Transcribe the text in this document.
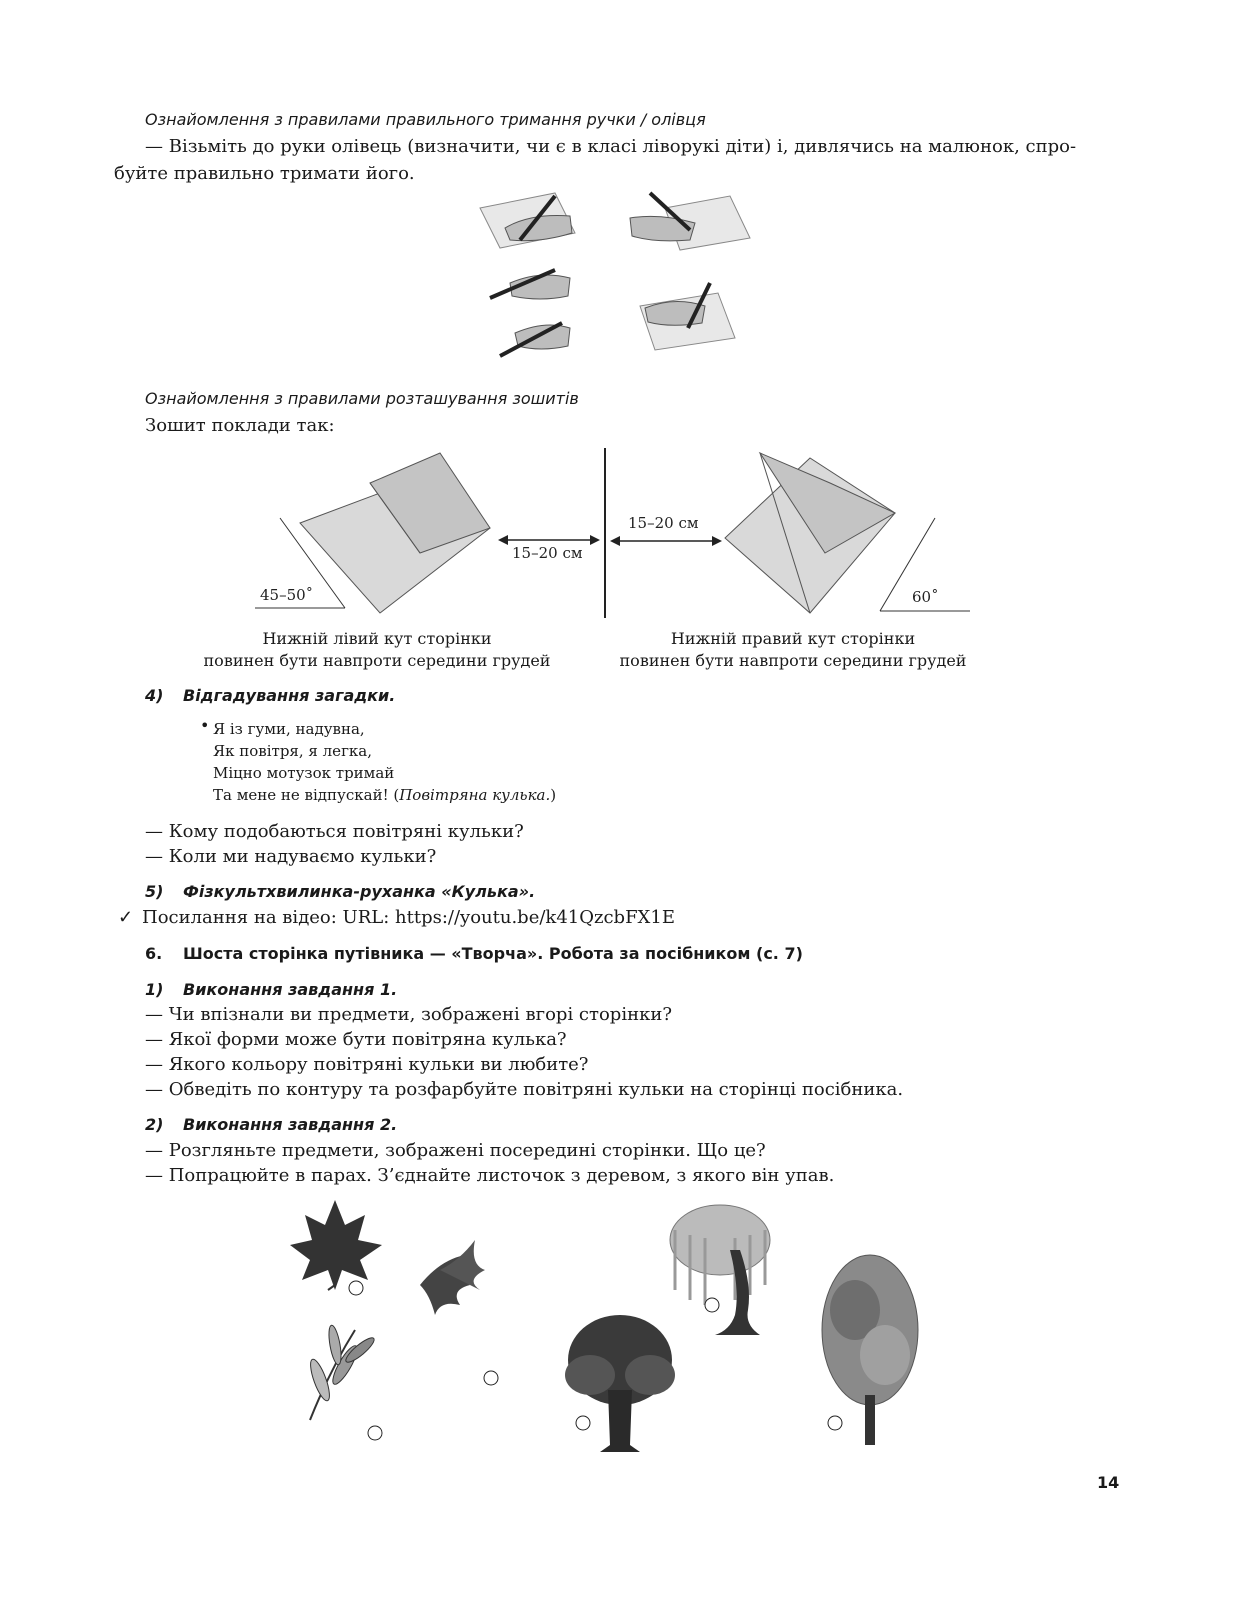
Ознайомлення з правилами правильного тримання ручки / олівця
— Візьміть до руки олівець (визначити, чи є в класі ліворукі діти) і, дивлячись на малюнок, спро-
буйте правильно тримати його.
Ознайомлення з правилами розташування зошитів
Зошит поклади так:
45–50˚
15–20 см
60˚
15–20 см
Нижній лівий кут сторінки
повинен бути навпроти середини грудей
Нижній правий кут сторінки
повинен бути навпроти середини грудей
4) Відгадування загадки.
• Я із гуми, надувна,
Як повітря, я легка,
Міцно мотузок тримай
Та мене не відпускай! (Повітряна кулька.)
— Кому подобаються повітряні кульки?
— Коли ми надуваємо кульки?
5) Фізкультхвилинка-руханка «Кулька».
✓ Посилання на відео: URL: https://youtu.be/k41QzcbFX1E
6. Шоста сторінка путівника — «Творча». Робота за посібником (с. 7)
1) Виконання завдання 1.
— Чи впізнали ви предмети, зображені вгорі сторінки?
— Якої форми може бути повітряна кулька?
— Якого кольору повітряні кульки ви любите?
— Обведіть по контуру та розфарбуйте повітряні кульки на сторінці посібника.
2) Виконання завдання 2.
— Розгляньте предмети, зображені посередині сторінки. Що це?
— Попрацюйте в парах. З’єднайте листочок з деревом, з якого він упав.
14
